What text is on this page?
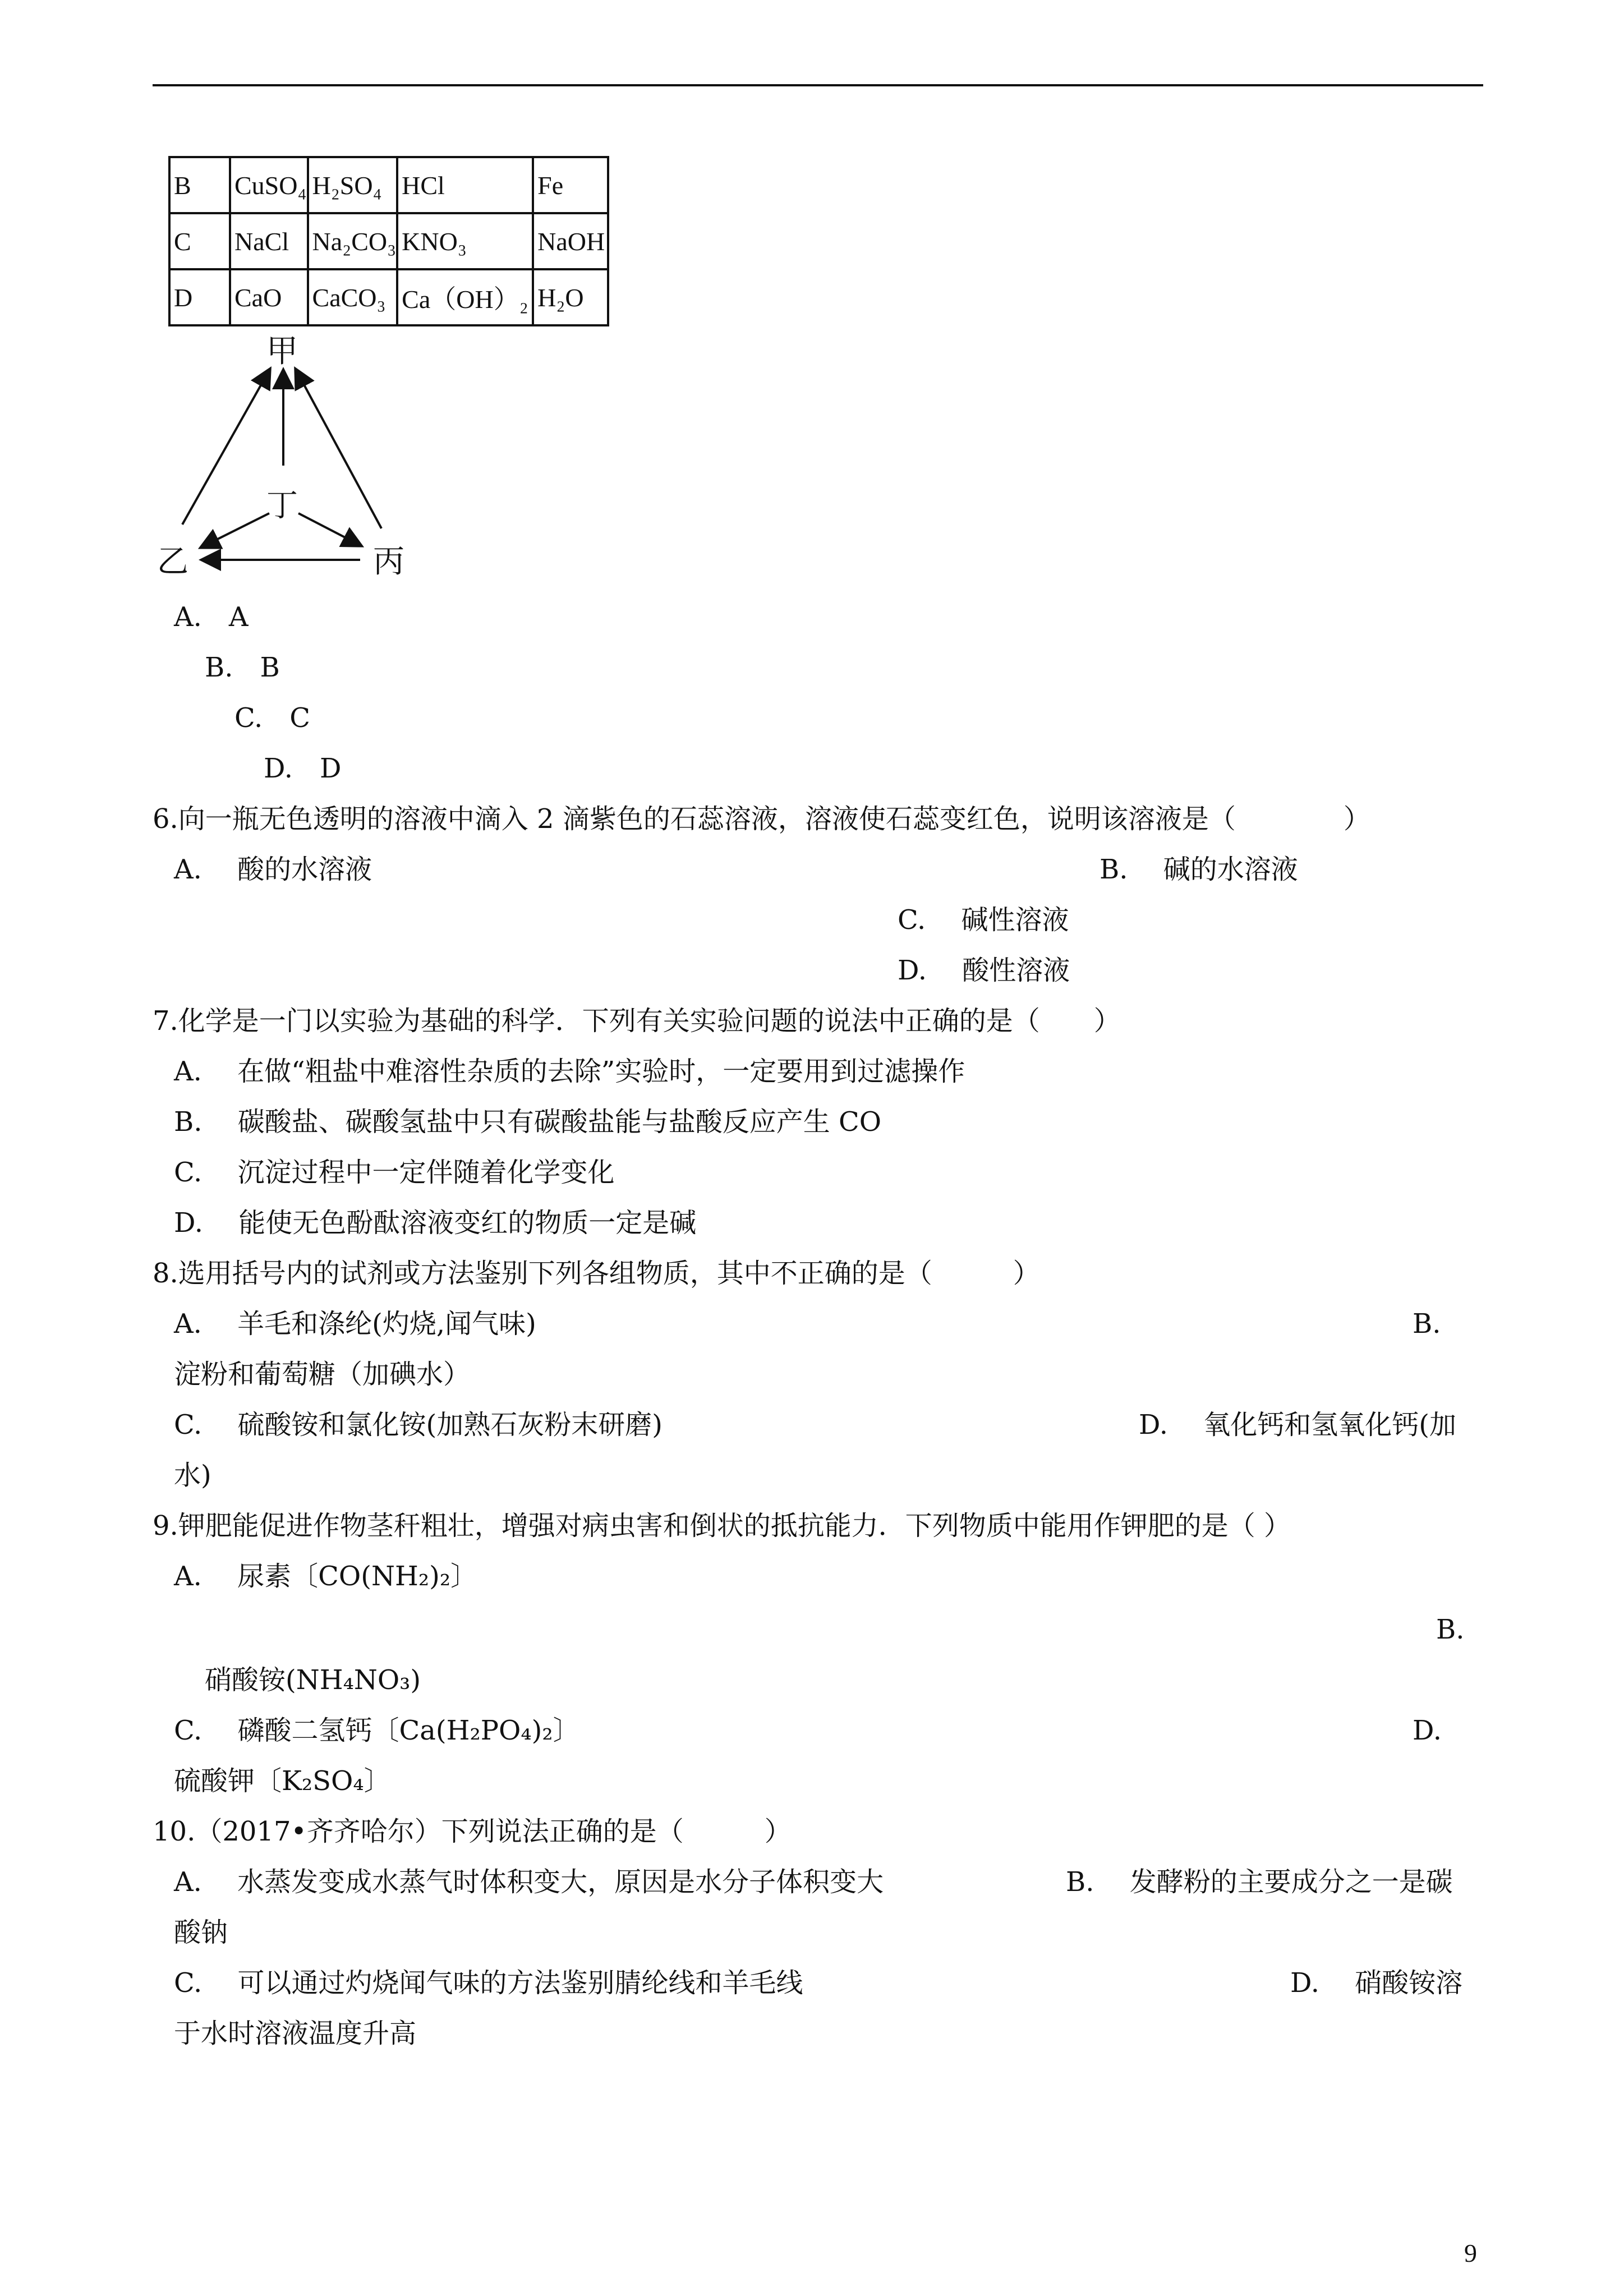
B	CuSO₄	H₂SO₄	HCl	Fe
C	NaCl	Na₂CO₃	KNO₃	NaOH
D	CaO	CaCO₃	Ca（OH）₂	H₂O
甲
丁
乙	丙
A.　A
B.　B
C.　C
D.　D
6.向一瓶无色透明的溶液中滴入 2 滴紫色的石蕊溶液，溶液使石蕊变红色，说明该溶液是（　　　　）
A.　 酸的水溶液	B.　 碱的水溶液
C.　 碱性溶液
D.　 酸性溶液
7.化学是一门以实验为基础的科学．下列有关实验问题的说法中正确的是（　　）
A.　 在做“粗盐中难溶性杂质的去除”实验时，一定要用到过滤操作
B.　 碳酸盐、碳酸氢盐中只有碳酸盐能与盐酸反应产生 CO
C.　 沉淀过程中一定伴随着化学变化
D.　 能使无色酚酞溶液变红的物质一定是碱
8.选用括号内的试剂或方法鉴别下列各组物质，其中不正确的是（　　　）
A.　 羊毛和涤纶(灼烧,闻气味)	B.
淀粉和葡萄糖（加碘水）
C.　 硫酸铵和氯化铵(加熟石灰粉末研磨)	D.　 氧化钙和氢氧化钙(加
水)
9.钾肥能促进作物茎秆粗壮，增强对病虫害和倒状的抵抗能力．下列物质中能用作钾肥的是（ ）
A.　 尿素〔CO(NH₂)₂〕
B.
硝酸铵(NH₄NO₃)
C.　 磷酸二氢钙〔Ca(H₂PO₄)₂〕	D.
硫酸钾〔K₂SO₄〕
10.（2017•齐齐哈尔）下列说法正确的是（　　　）
A.　 水蒸发变成水蒸气时体积变大，原因是水分子体积变大	B.　 发酵粉的主要成分之一是碳
酸钠
C.　 可以通过灼烧闻气味的方法鉴别腈纶线和羊毛线	D.　 硝酸铵溶
于水时溶液温度升高
9
